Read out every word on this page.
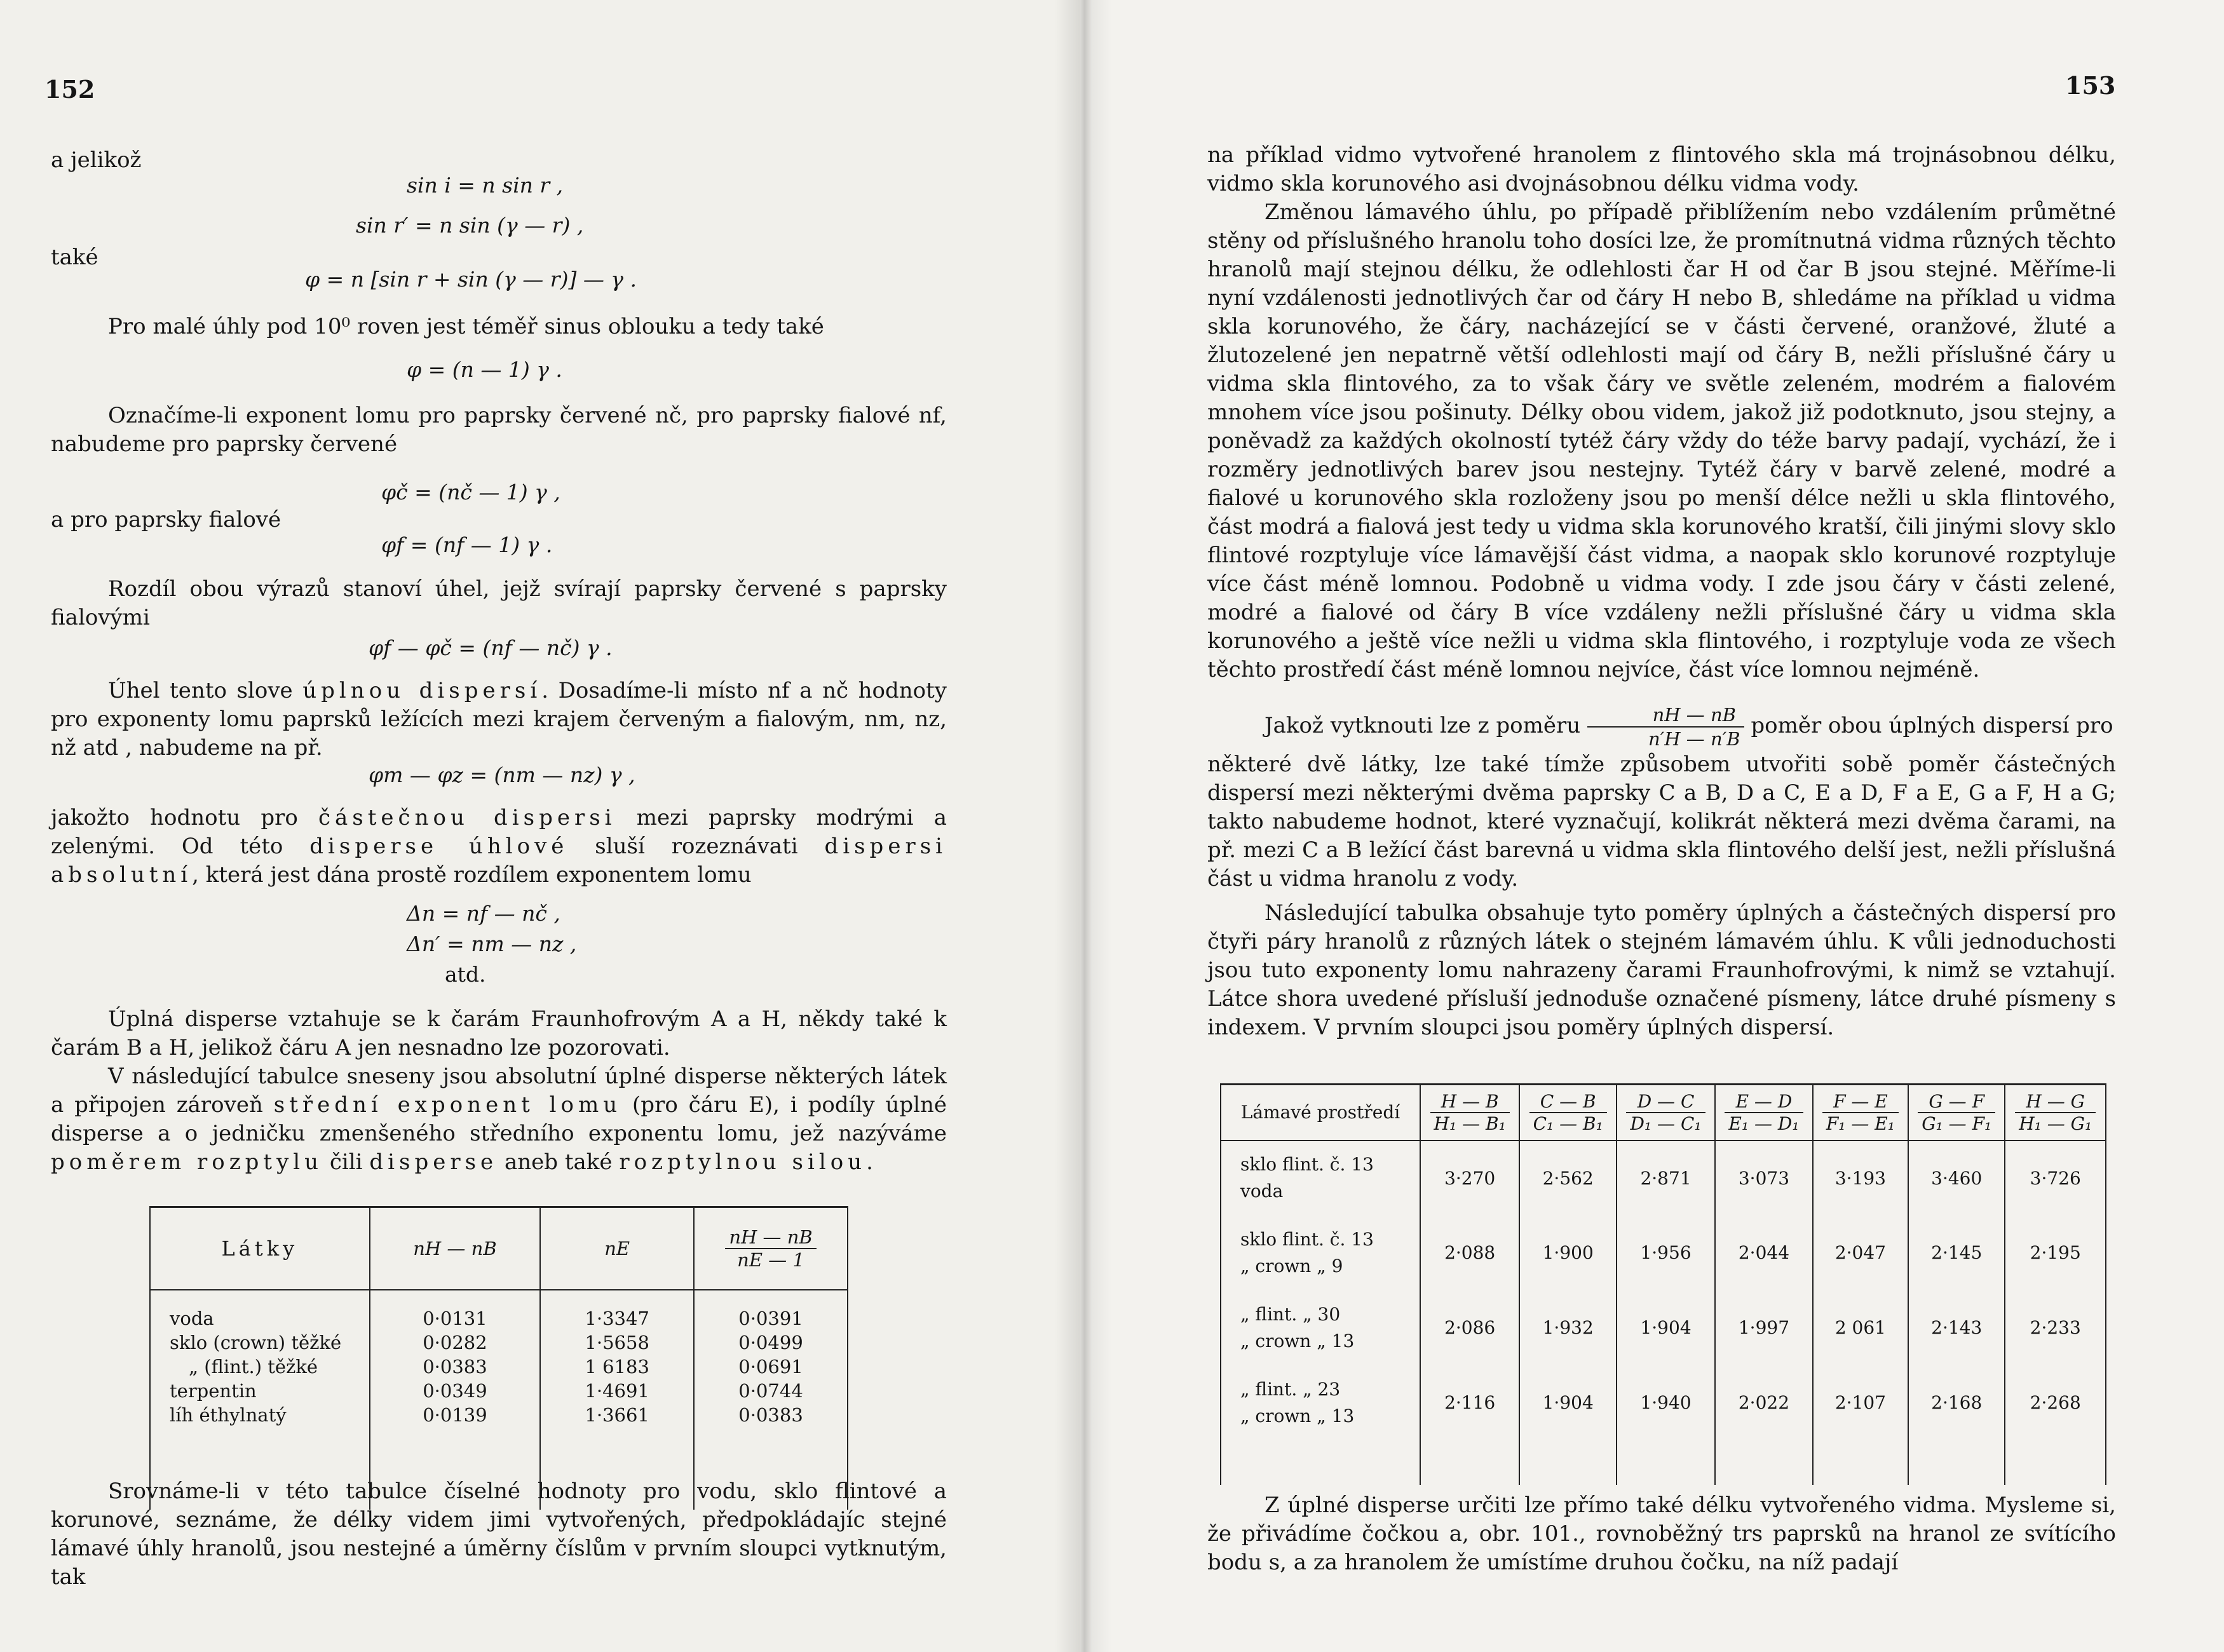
152
a jelikož
sin i = n sin r ,
sin r′ = n sin (γ — r) ,
také
φ = n [sin r + sin (γ — r)] — γ .

Pro malé úhly pod 10⁰ roven jest téměř sinus oblouku a tedy také

φ = (n — 1) γ .

Označíme-li exponent lomu pro paprsky červené nč, pro paprsky fialové nf, nabudeme pro paprsky červené

φč = (nč — 1) γ ,
a pro paprsky fialové
φf = (nf — 1) γ .

Rozdíl obou výrazů stanoví úhel, jejž svírají paprsky červené s paprsky fialovými

φf — φč = (nf — nč) γ .

Úhel tento slove úplnou dispersí. Dosadíme-li místo nf a nč hodnoty pro exponenty lomu paprsků ležících mezi krajem červeným a fialovým, nm, nz, nž atd , nabudeme na př.

φm — φz = (nm — nz) γ ,

jakožto hodnotu pro částečnou dispersi mezi paprsky modrými a zelenými. Od této disperse úhlové sluší rozeznávati dispersi absolutní, která jest dána prostě rozdílem exponentem lomu

Δn = nf — nč ,
Δn′ = nm — nz ,
atd.

Úplná disperse vztahuje se k čarám Fraunhofrovým A a H, někdy také k čarám B a H, jelikož čáru A jen nesnadno lze pozorovati.

V následující tabulce sneseny jsou absolutní úplné disperse některých látek a připojen zároveň střední exponent lomu (pro čáru E), i podíly úplné disperse a o jedničku zmenšeného středního exponentu lomu, jež nazýváme poměrem rozptylu čili disperse aneb také rozptylnou silou.

Látky	nH — nB	nE	$\frac{nH — nB}{nE — 1}$

voda	0·0131	1·3347	0·0391
sklo (crown) těžké	0·0282	1·5658	0·0499
„ (flint.) těžké	0·0383	1 6183	0·0691
terpentin	0·0349	1·4691	0·0744
líh éthylnatý	0·0139	1·3661	0·0383

Srovnáme-li v této tabulce číselné hodnoty pro vodu, sklo flintové a korunové, seznáme, že délky videm jimi vytvořených, předpokládajíc stejné lámavé úhly hranolů, jsou nestejné a úměrny číslům v prvním sloupci vytknutým, tak

153

na příklad vidmo vytvořené hranolem z flintového skla má trojnásobnou délku, vidmo skla korunového asi dvojnásobnou délku vidma vody.

Změnou lámavého úhlu, po případě přiblížením nebo vzdálením průmětné stěny od příslušného hranolu toho dosíci lze, že promítnutná vidma různých těchto hranolů mají stejnou délku, že odlehlosti čar H od čar B jsou stejné. Měříme-li nyní vzdálenosti jednotlivých čar od čáry H nebo B, shledáme na příklad u vidma skla korunového, že čáry, nacházející se v části červené, oranžové, žluté a žlutozelené jen nepatrně větší odlehlosti mají od čáry B, nežli příslušné čáry u vidma skla flintového, za to však čáry ve světle zeleném, modrém a fialovém mnohem více jsou pošinuty. Délky obou videm, jakož již podotknuto, jsou stejny, a poněvadž za každých okolností tytéž čáry vždy do téže barvy padají, vychází, že i rozměry jednotlivých barev jsou nestejny. Tytéž čáry v barvě zelené, modré a fialové u korunového skla rozloženy jsou po menší délce nežli u skla flintového, část modrá a fialová jest tedy u vidma skla korunového kratší, čili jinými slovy sklo flintové rozptyluje více lámavější část vidma, a naopak sklo korunové rozptyluje více část méně lomnou. Podobně u vidma vody. I zde jsou čáry v části zelené, modré a fialové od čáry B více vzdáleny nežli příslušné čáry u vidma skla korunového a ještě více nežli u vidma skla flintového, i rozptyluje voda ze všech těchto prostředí část méně lomnou nejvíce, část více lomnou nejméně.

Jakož vytknouti lze z poměru $\frac{nH — nB}{n'H — n'B}$ poměr obou úplných dispersí pro

některé dvě látky, lze také tímže způsobem utvořiti sobě poměr částečných dispersí mezi některými dvěma paprsky C a B, D a C, E a D, F a E, G a F, H a G; takto nabudeme hodnot, které vyznačují, kolikrát některá mezi dvěma čarami, na př. mezi C a B ležící část barevná u vidma skla flintového delší jest, nežli příslušná část u vidma hranolu z vody.

Následující tabulka obsahuje tyto poměry úplných a částečných dispersí pro čtyři páry hranolů z různých látek o stejném lámavém úhlu. K vůli jednoduchosti jsou tuto exponenty lomu nahrazeny čarami Fraunhofrovými, k nimž se vztahují. Látce shora uvedené přísluší jednoduše označené písmeny, látce druhé písmeny s indexem. V prvním sloupci jsou poměry úplných dispersí.

Lámavé prostředí	$\frac{H — B}{\text{H₁ — B₁}}$	$\frac{C — B}{\text{C₁ — B₁}}$	$\frac{D — C}{\text{D₁ — C₁}}$	$\frac{E — D}{\text{E₁ — D₁}}$	$\frac{F — E}{\text{F₁ — E₁}}$	$\frac{G — F}{\text{G₁ — F₁}}$	$\frac{H — G}{\text{H₁ — G₁}}$

sklo flint. č. 13
voda	3·270	2·562	2·871	3·073	3·193	3·460	3·726

sklo flint. č. 13
„ crown „ 9	2·088	1·900	1·956	2·044	2·047	2·145	2·195

„ flint. „ 30
„ crown „ 13	2·086	1·932	1·904	1·997	2 061	2·143	2·233

„ flint. „ 23
„ crown „ 13	2·116	1·904	1·940	2·022	2·107	2·168	2·268

Z úplné disperse určiti lze přímo také délku vytvořeného vidma. Mysleme si, že přivádíme čočkou a, obr. 101., rovnoběžný trs paprsků na hranol ze svítícího bodu s, a za hranolem že umístíme druhou čočku, na níž padají
